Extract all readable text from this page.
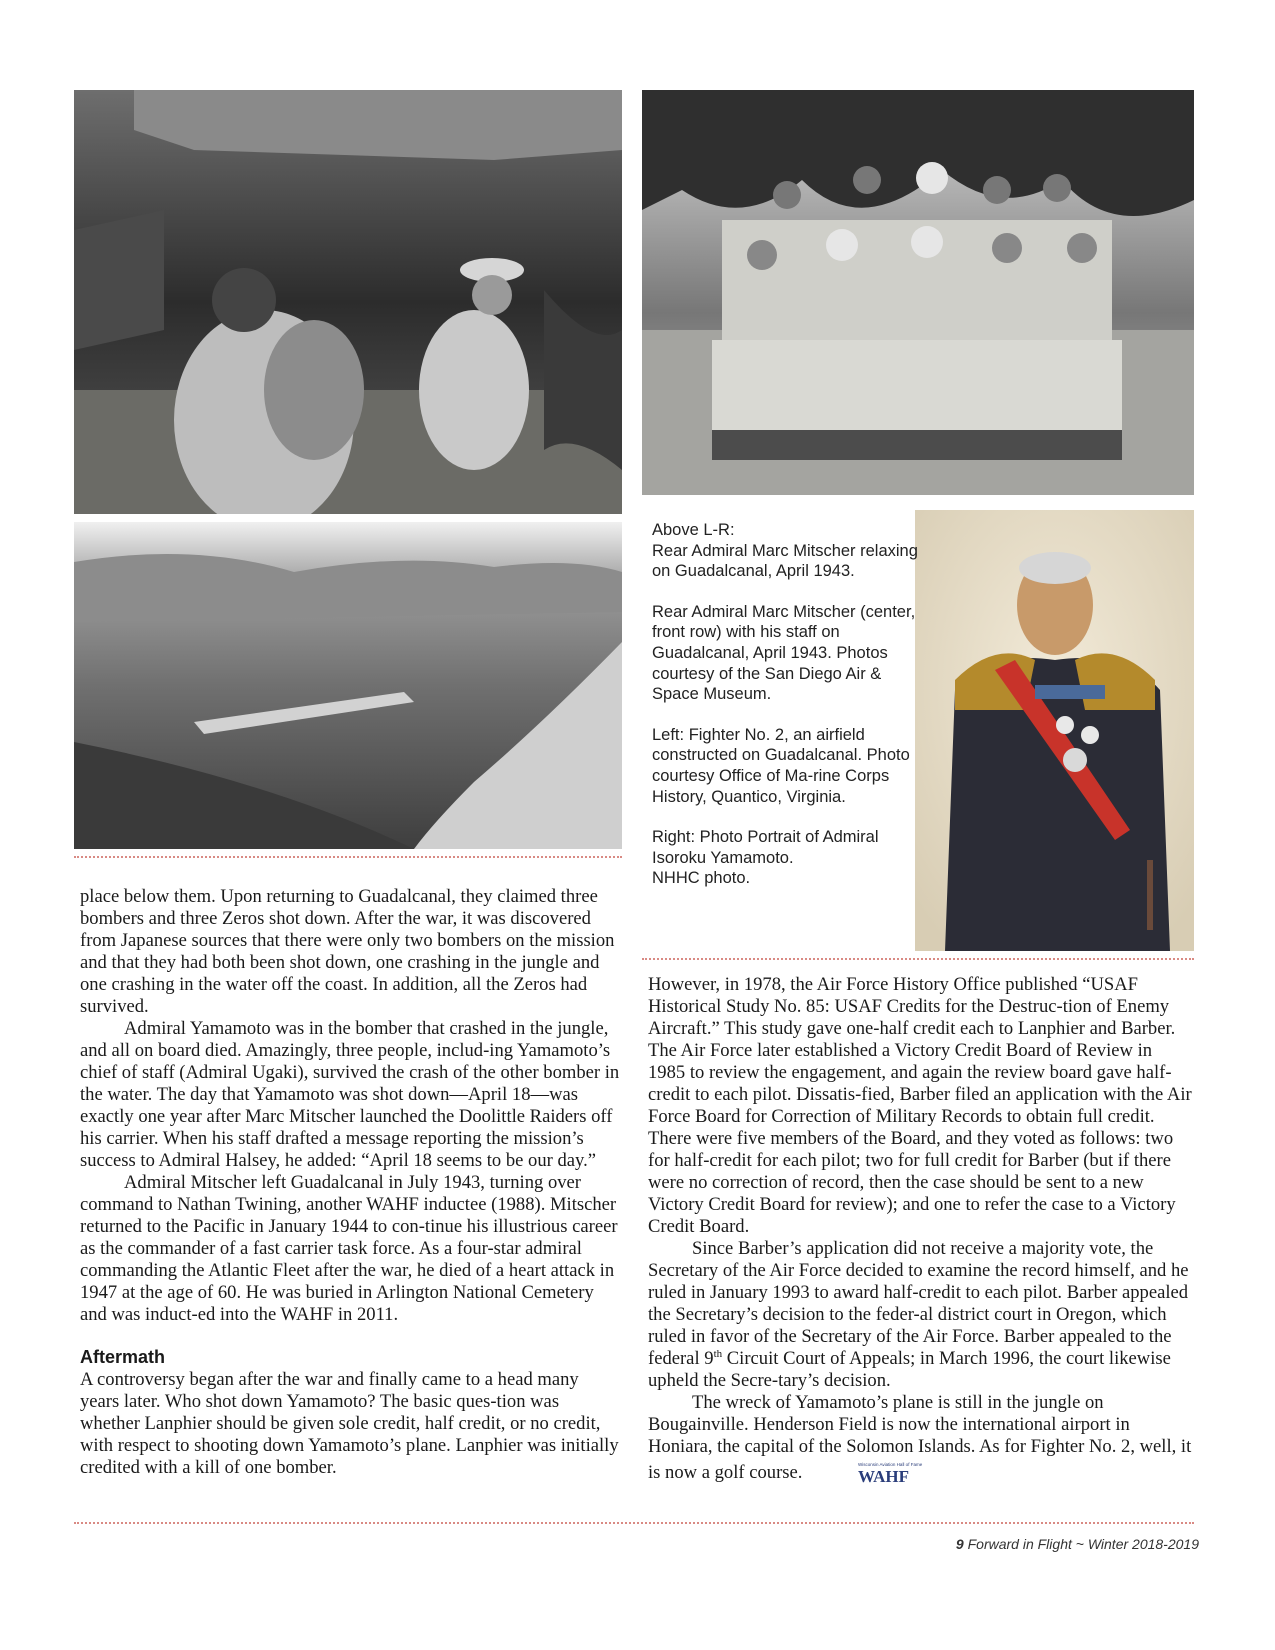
Above L-R:
Rear Admiral Marc Mitscher relaxing on Guadalcanal, April 1943.

Rear Admiral Marc Mitscher (center, front row) with his staff on Guadalcanal, April 1943. Photos courtesy of the San Diego Air & Space Museum.

Left: Fighter No. 2, an airfield constructed on Guadalcanal. Photo courtesy Office of Ma-rine Corps History, Quantico, Virginia.

Right: Photo Portrait of Admiral Isoroku Yamamoto.
NHHC photo.

place below them. Upon returning to Guadalcanal, they claimed three bombers and three Zeros shot down. After the war, it was discovered from Japanese sources that there were only two bombers on the mission and that they had both been shot down, one crashing in the jungle and one crashing in the water off the coast. In addition, all the Zeros had survived.

Admiral Yamamoto was in the bomber that crashed in the jungle, and all on board died. Amazingly, three people, includ-ing Yamamoto’s chief of staff (Admiral Ugaki), survived the crash of the other bomber in the water. The day that Yamamoto was shot down—April 18—was exactly one year after Marc Mitscher launched the Doolittle Raiders off his carrier. When his staff drafted a message reporting the mission’s success to Admiral Halsey, he added: “April 18 seems to be our day.”

Admiral Mitscher left Guadalcanal in July 1943, turning over command to Nathan Twining, another WAHF inductee (1988). Mitscher returned to the Pacific in January 1944 to con-tinue his illustrious career as the commander of a fast carrier task force. As a four-star admiral commanding the Atlantic Fleet after the war, he died of a heart attack in 1947 at the age of 60. He was buried in Arlington National Cemetery and was induct-ed into the WAHF in 2011.

Aftermath

A controversy began after the war and finally came to a head many years later. Who shot down Yamamoto? The basic ques-tion was whether Lanphier should be given sole credit, half credit, or no credit, with respect to shooting down Yamamoto’s plane. Lanphier was initially credited with a kill of one bomber.

However, in 1978, the Air Force History Office published “USAF Historical Study No. 85: USAF Credits for the Destruc-tion of Enemy Aircraft.” This study gave one-half credit each to Lanphier and Barber. The Air Force later established a Victory Credit Board of Review in 1985 to review the engagement, and again the review board gave half-credit to each pilot. Dissatis-fied, Barber filed an application with the Air Force Board for Correction of Military Records to obtain full credit. There were five members of the Board, and they voted as follows: two for half-credit for each pilot; two for full credit for Barber (but if there were no correction of record, then the case should be sent to a new Victory Credit Board for review); and one to refer the case to a Victory Credit Board.

Since Barber’s application did not receive a majority vote, the Secretary of the Air Force decided to examine the record himself, and he ruled in January 1993 to award half-credit to each pilot. Barber appealed the Secretary’s decision to the feder-al district court in Oregon, which ruled in favor of the Secretary of the Air Force. Barber appealed to the federal 9th Circuit Court of Appeals; in March 1996, the court likewise upheld the Secre-tary’s decision.

The wreck of Yamamoto’s plane is still in the jungle on Bougainville. Henderson Field is now the international airport in Honiara, the capital of the Solomon Islands. As for Fighter No. 2, well, it is now a golf course.	Wisconsin Aviation Hall of Fame
WAHF

9 Forward in Flight ~ Winter 2018-2019
